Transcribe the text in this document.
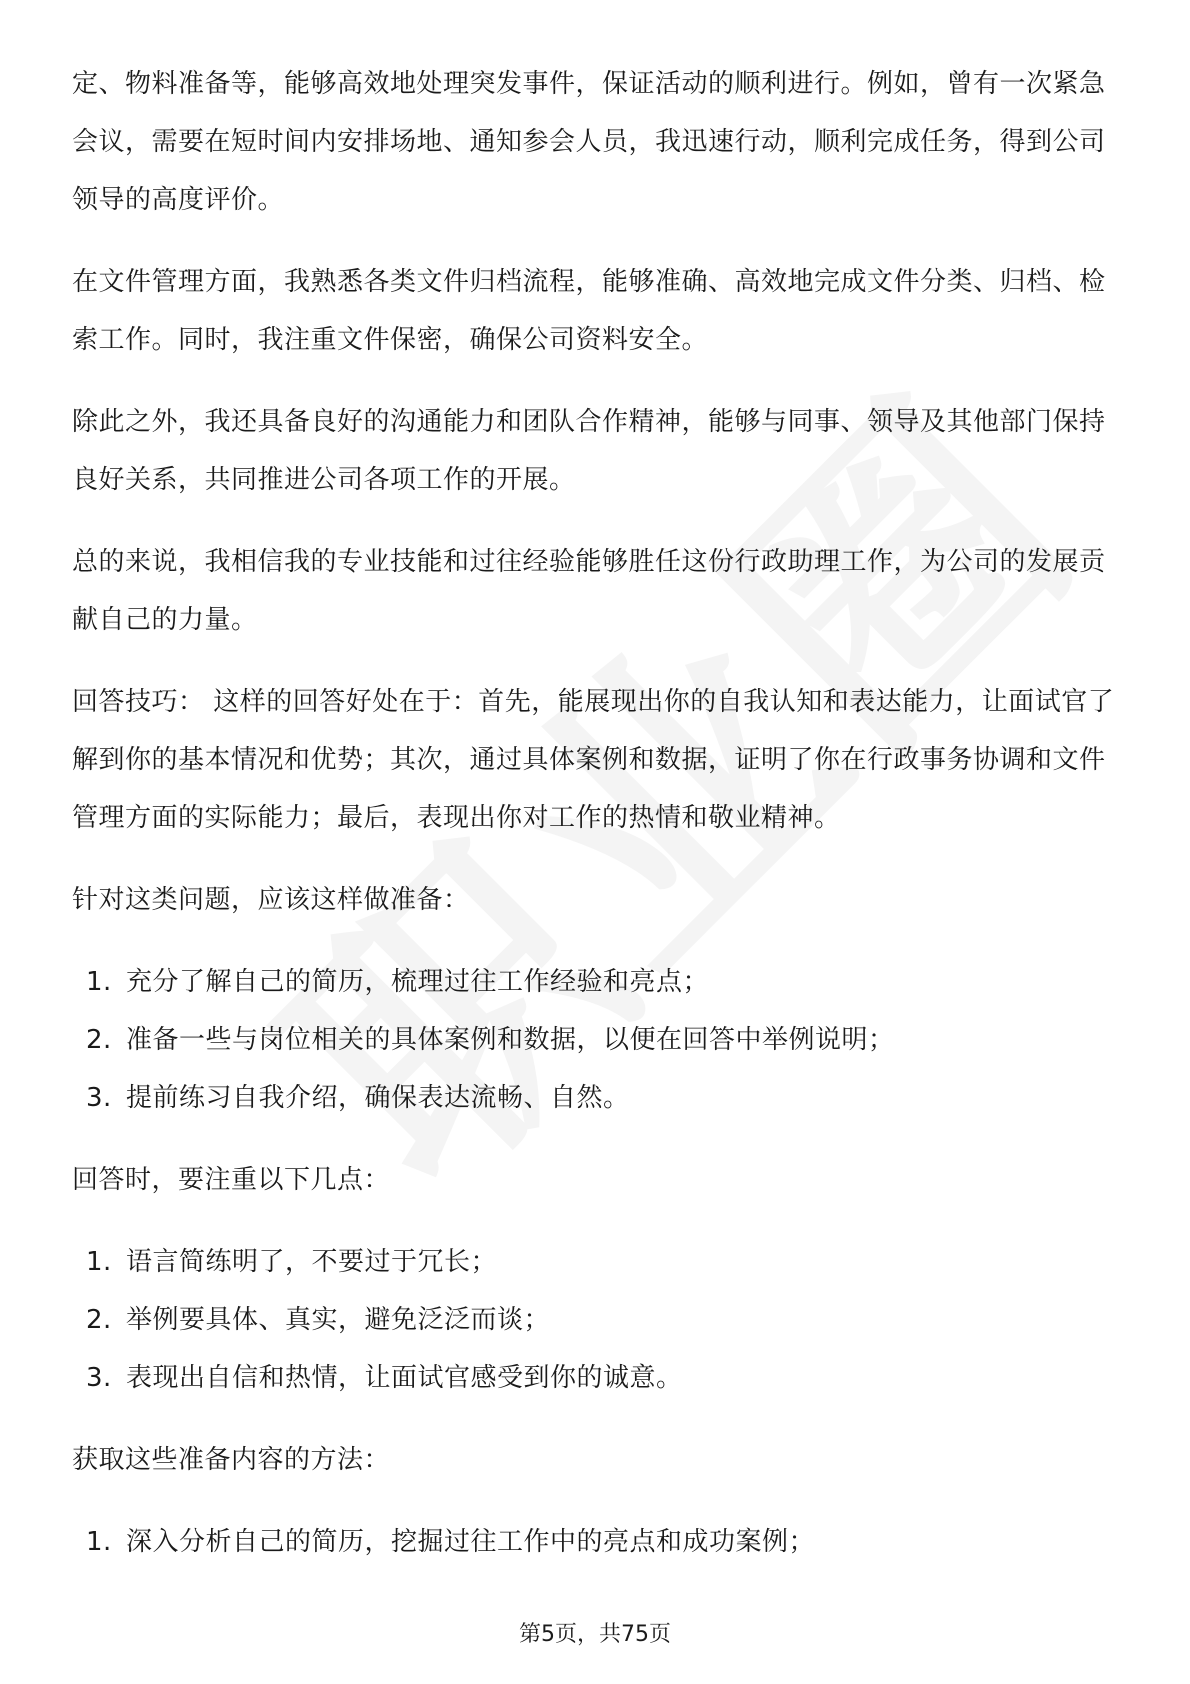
定、物料准备等，能够高效地处理突发事件，保证活动的顺利进行。例如，曾有一次紧急会议，需要在短时间内安排场地、通知参会人员，我迅速行动，顺利完成任务，得到公司领导的高度评价。

在文件管理方面，我熟悉各类文件归档流程，能够准确、高效地完成文件分类、归档、检索工作。同时，我注重文件保密，确保公司资料安全。

除此之外，我还具备良好的沟通能力和团队合作精神，能够与同事、领导及其他部门保持良好关系，共同推进公司各项工作的开展。

总的来说，我相信我的专业技能和过往经验能够胜任这份行政助理工作，为公司的发展贡献自己的力量。

回答技巧： 这样的回答好处在于：首先，能展现出你的自我认知和表达能力，让面试官了解到你的基本情况和优势；其次，通过具体案例和数据，证明了你在行政事务协调和文件管理方面的实际能力；最后，表现出你对工作的热情和敬业精神。

针对这类问题，应该这样做准备：

1. 充分了解自己的简历，梳理过往工作经验和亮点；
2. 准备一些与岗位相关的具体案例和数据，以便在回答中举例说明；
3. 提前练习自我介绍，确保表达流畅、自然。

回答时，要注重以下几点：

1. 语言简练明了，不要过于冗长；
2. 举例要具体、真实，避免泛泛而谈；
3. 表现出自信和热情，让面试官感受到你的诚意。

获取这些准备内容的方法：

1. 深入分析自己的简历，挖掘过往工作中的亮点和成功案例；
第5页，共75页
